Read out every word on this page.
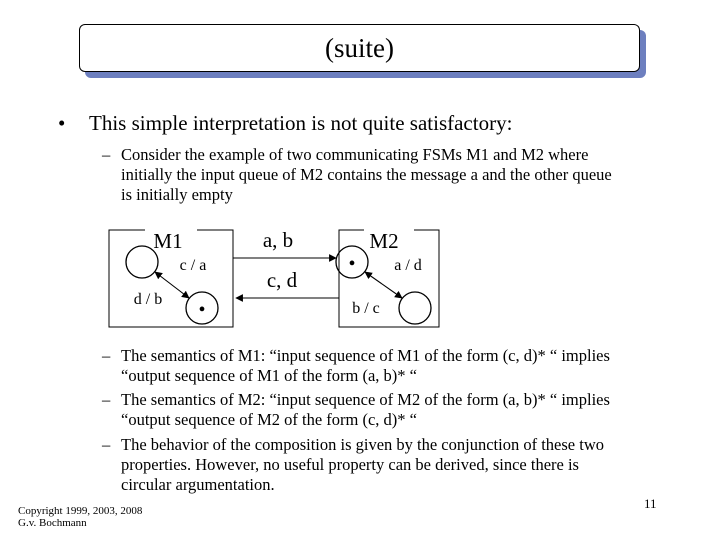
(suite)
• This simple interpretation is not quite satisfactory:
– Consider the example of two communicating FSMs M1 and M2 where
initially the input queue of M2 contains the message a and the other queue
is initially empty
M1
•
c / a
d / b
M2
• a / d
b / c
a, b
c, d
– The semantics of M1: “input sequence of M1 of the form (c, d)* “ implies
“output sequence of M1 of the form (a, b)* “
– The semantics of M2: “input sequence of M2 of the form (a, b)* “ implies
“output sequence of M2 of the form (c, d)* “
– The behavior of the composition is given by the conjunction of these two
properties. However, no useful property can be derived, since there is
circular argumentation.
Copyright 1999, 2003, 2008
G.v. Bochmann
11
